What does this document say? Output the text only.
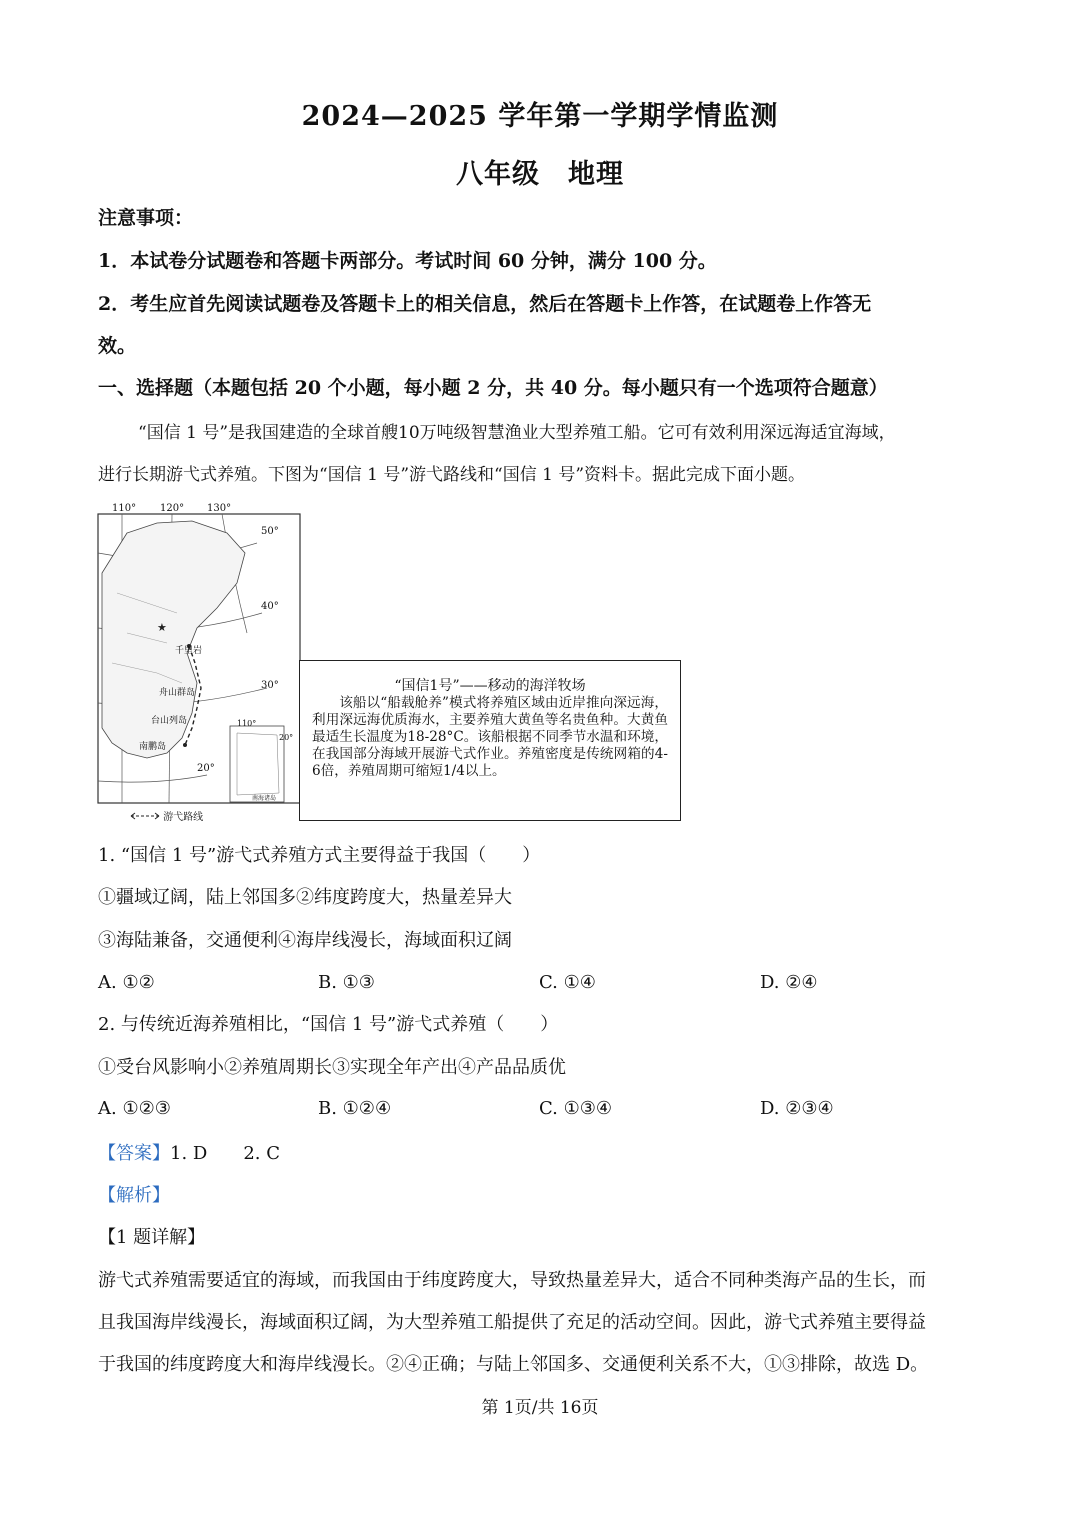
2024—2025 学年第一学期学情监测
八年级　地理
注意事项：
1．本试卷分试题卷和答题卡两部分。考试时间 60 分钟，满分 100 分。
2．考生应首先阅读试题卷及答题卡上的相关信息，然后在答题卡上作答，在试题卷上作答无
效。
一、选择题（本题包括 20 个小题，每小题 2 分，共 40 分。每小题只有一个选项符合题意）
“国信 1 号”是我国建造的全球首艘10万吨级智慧渔业大型养殖工船。它可有效利用深远海适宜海域，
进行长期游弋式养殖。下图为“国信 1 号”游弋路线和“国信 1 号”资料卡。据此完成下面小题。
★
110° 120° 130°
50°
40°
30°
20°
千里岩
舟山群岛
台山列岛
南鹏岛
110°
20°
南海诸岛
游弋路线
“国信1号”——移动的海洋牧场
该船以“船载舱养”模式将养殖区域由近岸推向深远海，利用深远海优质海水，主要养殖大黄鱼等名贵鱼种。大黄鱼最适生长温度为18-28°C。该船根据不同季节水温和环境，在我国部分海域开展游弋式作业。养殖密度是传统网箱的4-6倍，养殖周期可缩短1/4以上。
1. “国信 1 号”游弋式养殖方式主要得益于我国（　　）
①疆域辽阔，陆上邻国多②纬度跨度大，热量差异大
③海陆兼备，交通便利④海岸线漫长，海域面积辽阔
A. ①②	B. ①③	C. ①④	D. ②④
2. 与传统近海养殖相比，“国信 1 号”游弋式养殖（　　）
①受台风影响小②养殖周期长③实现全年产出④产品品质优
A. ①②③	B. ①②④	C. ①③④	D. ②③④
【答案】1. D　　2. C
【解析】
【1 题详解】
游弋式养殖需要适宜的海域，而我国由于纬度跨度大，导致热量差异大，适合不同种类海产品的生长，而
且我国海岸线漫长，海域面积辽阔，为大型养殖工船提供了充足的活动空间。因此，游弋式养殖主要得益
于我国的纬度跨度大和海岸线漫长。②④正确；与陆上邻国多、交通便利关系不大，①③排除，故选 D。
第 1页/共 16页
